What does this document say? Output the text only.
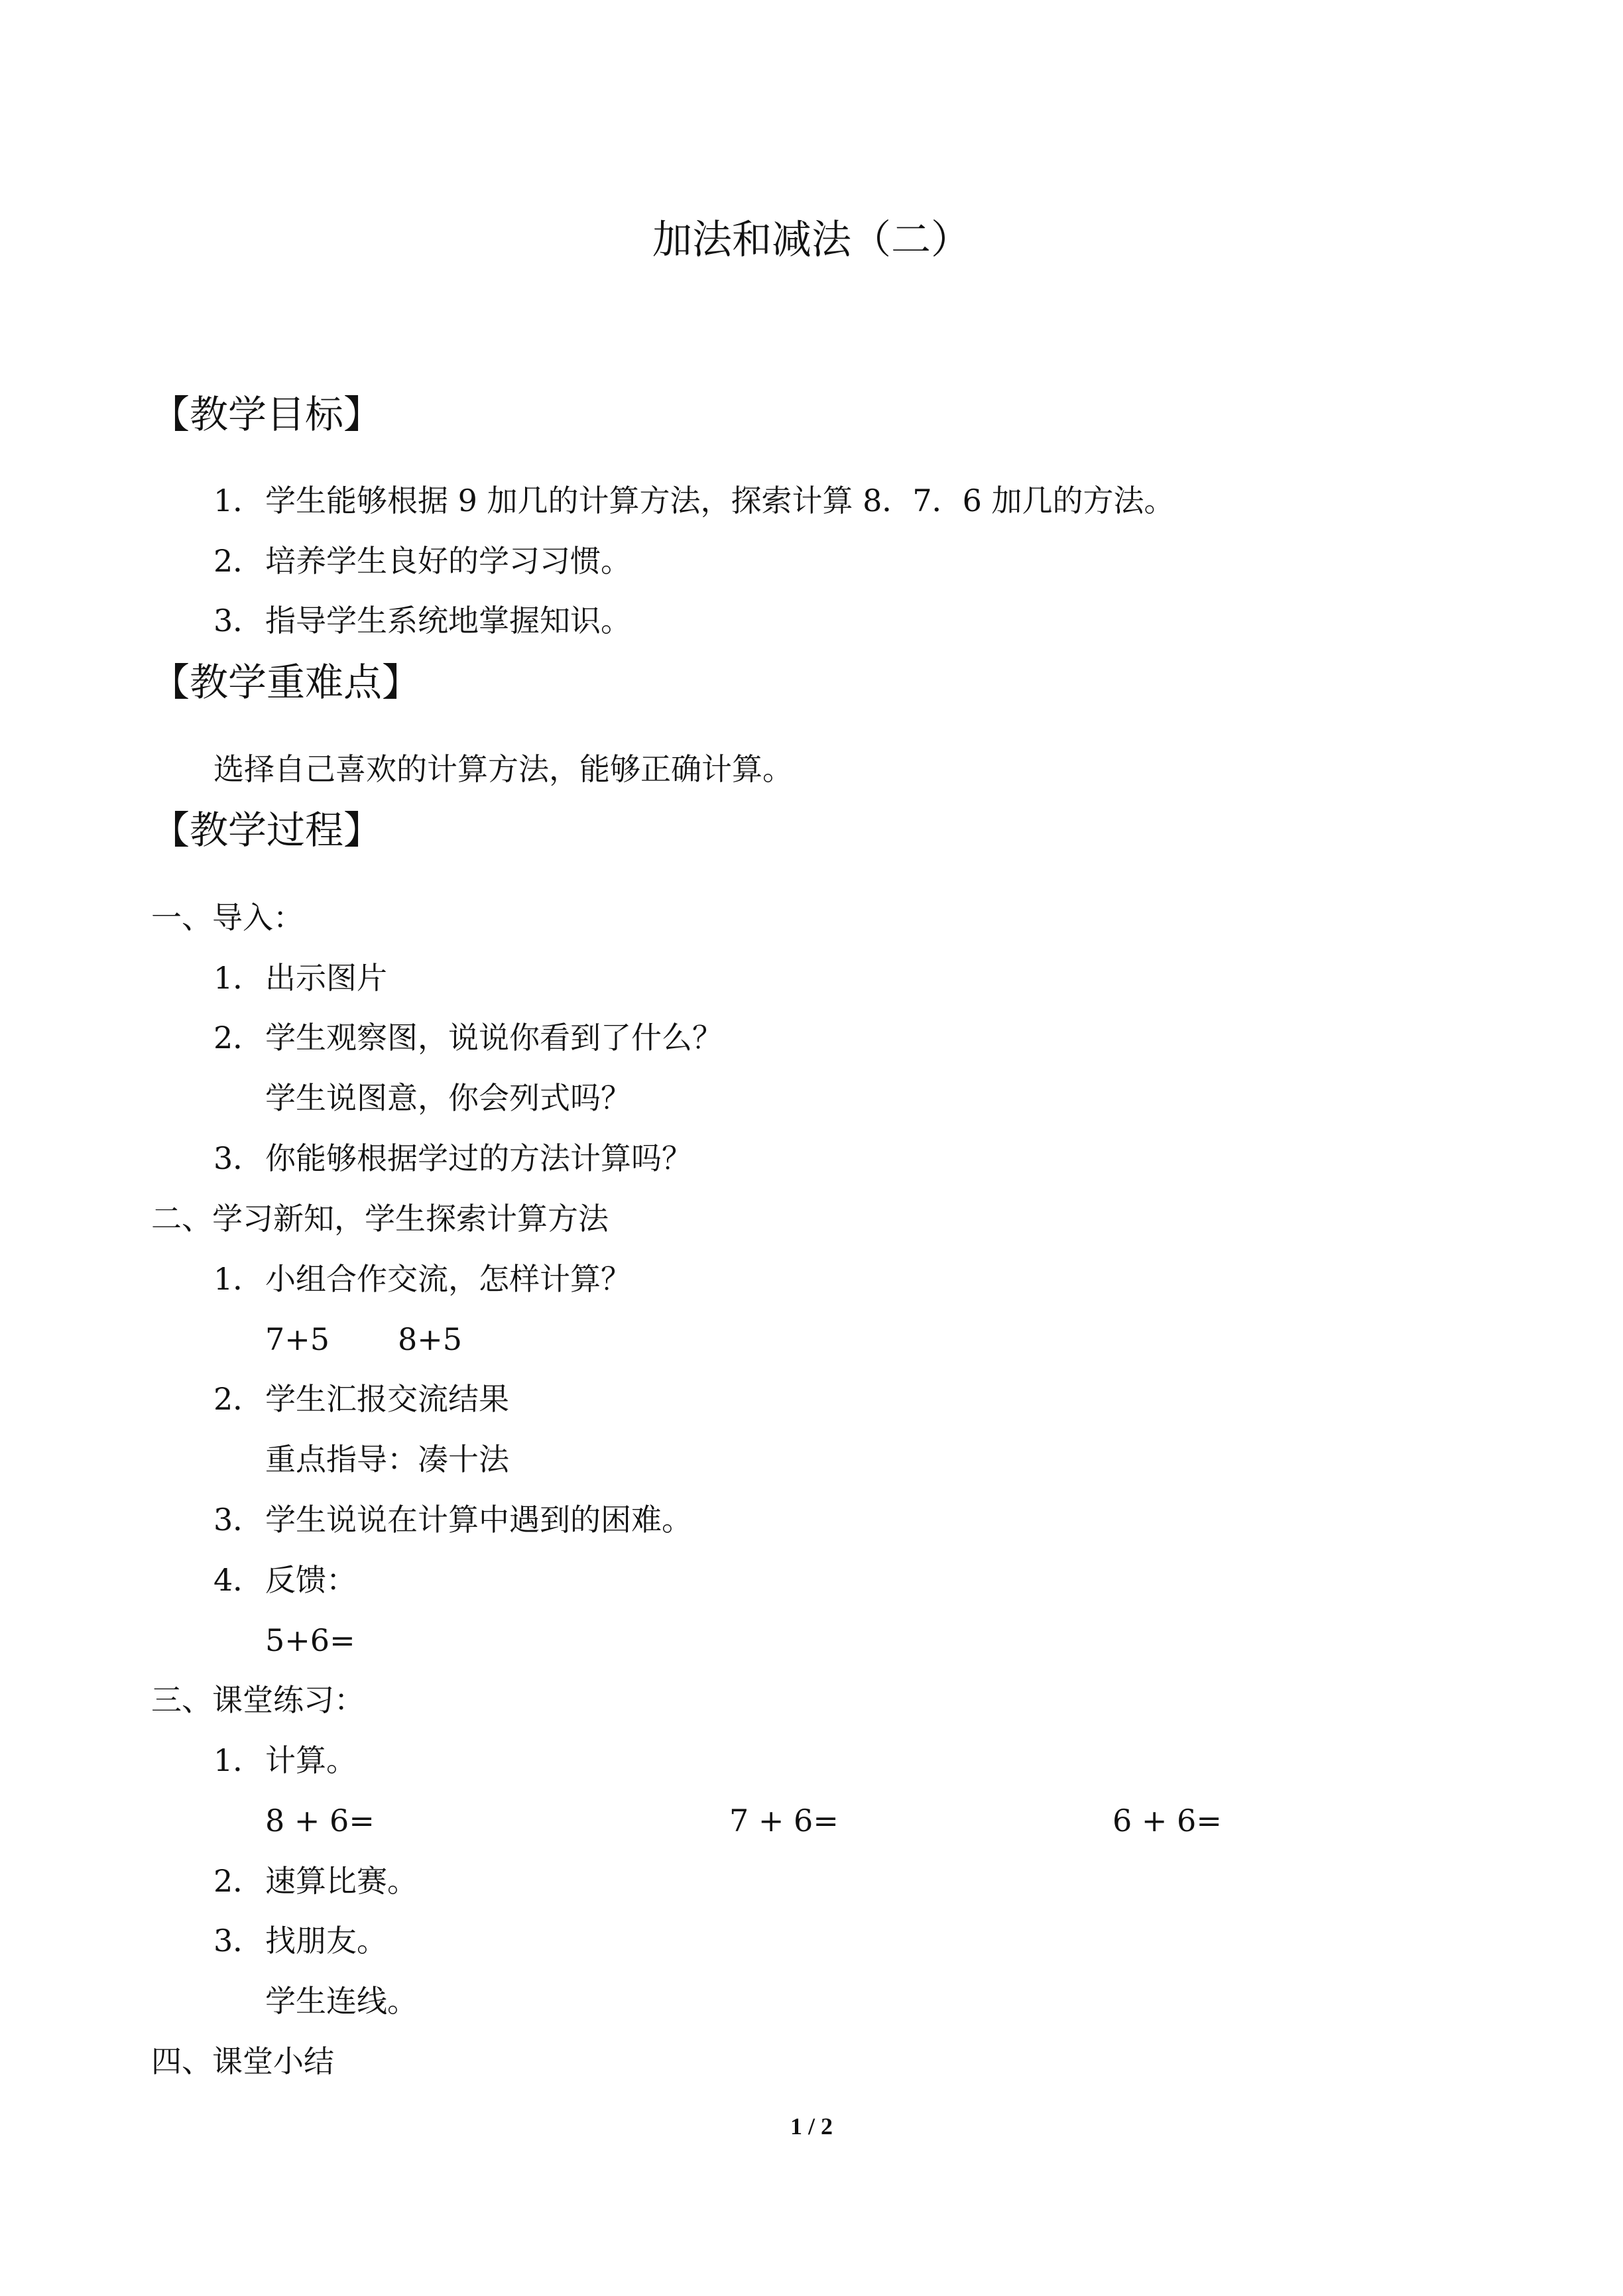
加法和减法（二）
【教学目标】
1．学生能够根据 9 加几的计算方法，探索计算 8．7．6 加几的方法。
2．培养学生良好的学习习惯。
3．指导学生系统地掌握知识。
【教学重难点】
选择自己喜欢的计算方法，能够正确计算。
【教学过程】
一、导入：
1．出示图片
2．学生观察图，说说你看到了什么？
学生说图意，你会列式吗？
3．你能够根据学过的方法计算吗？
二、学习新知，学生探索计算方法
1．小组合作交流，怎样计算？
7+5 8+5
2．学生汇报交流结果
重点指导：凑十法
3．学生说说在计算中遇到的困难。
4．反馈：
5+6=
三、课堂练习：
1．计算。
8 + 6=	7 + 6=	6 + 6=
2．速算比赛。
3．找朋友。
学生连线。
四、课堂小结
1 / 2
